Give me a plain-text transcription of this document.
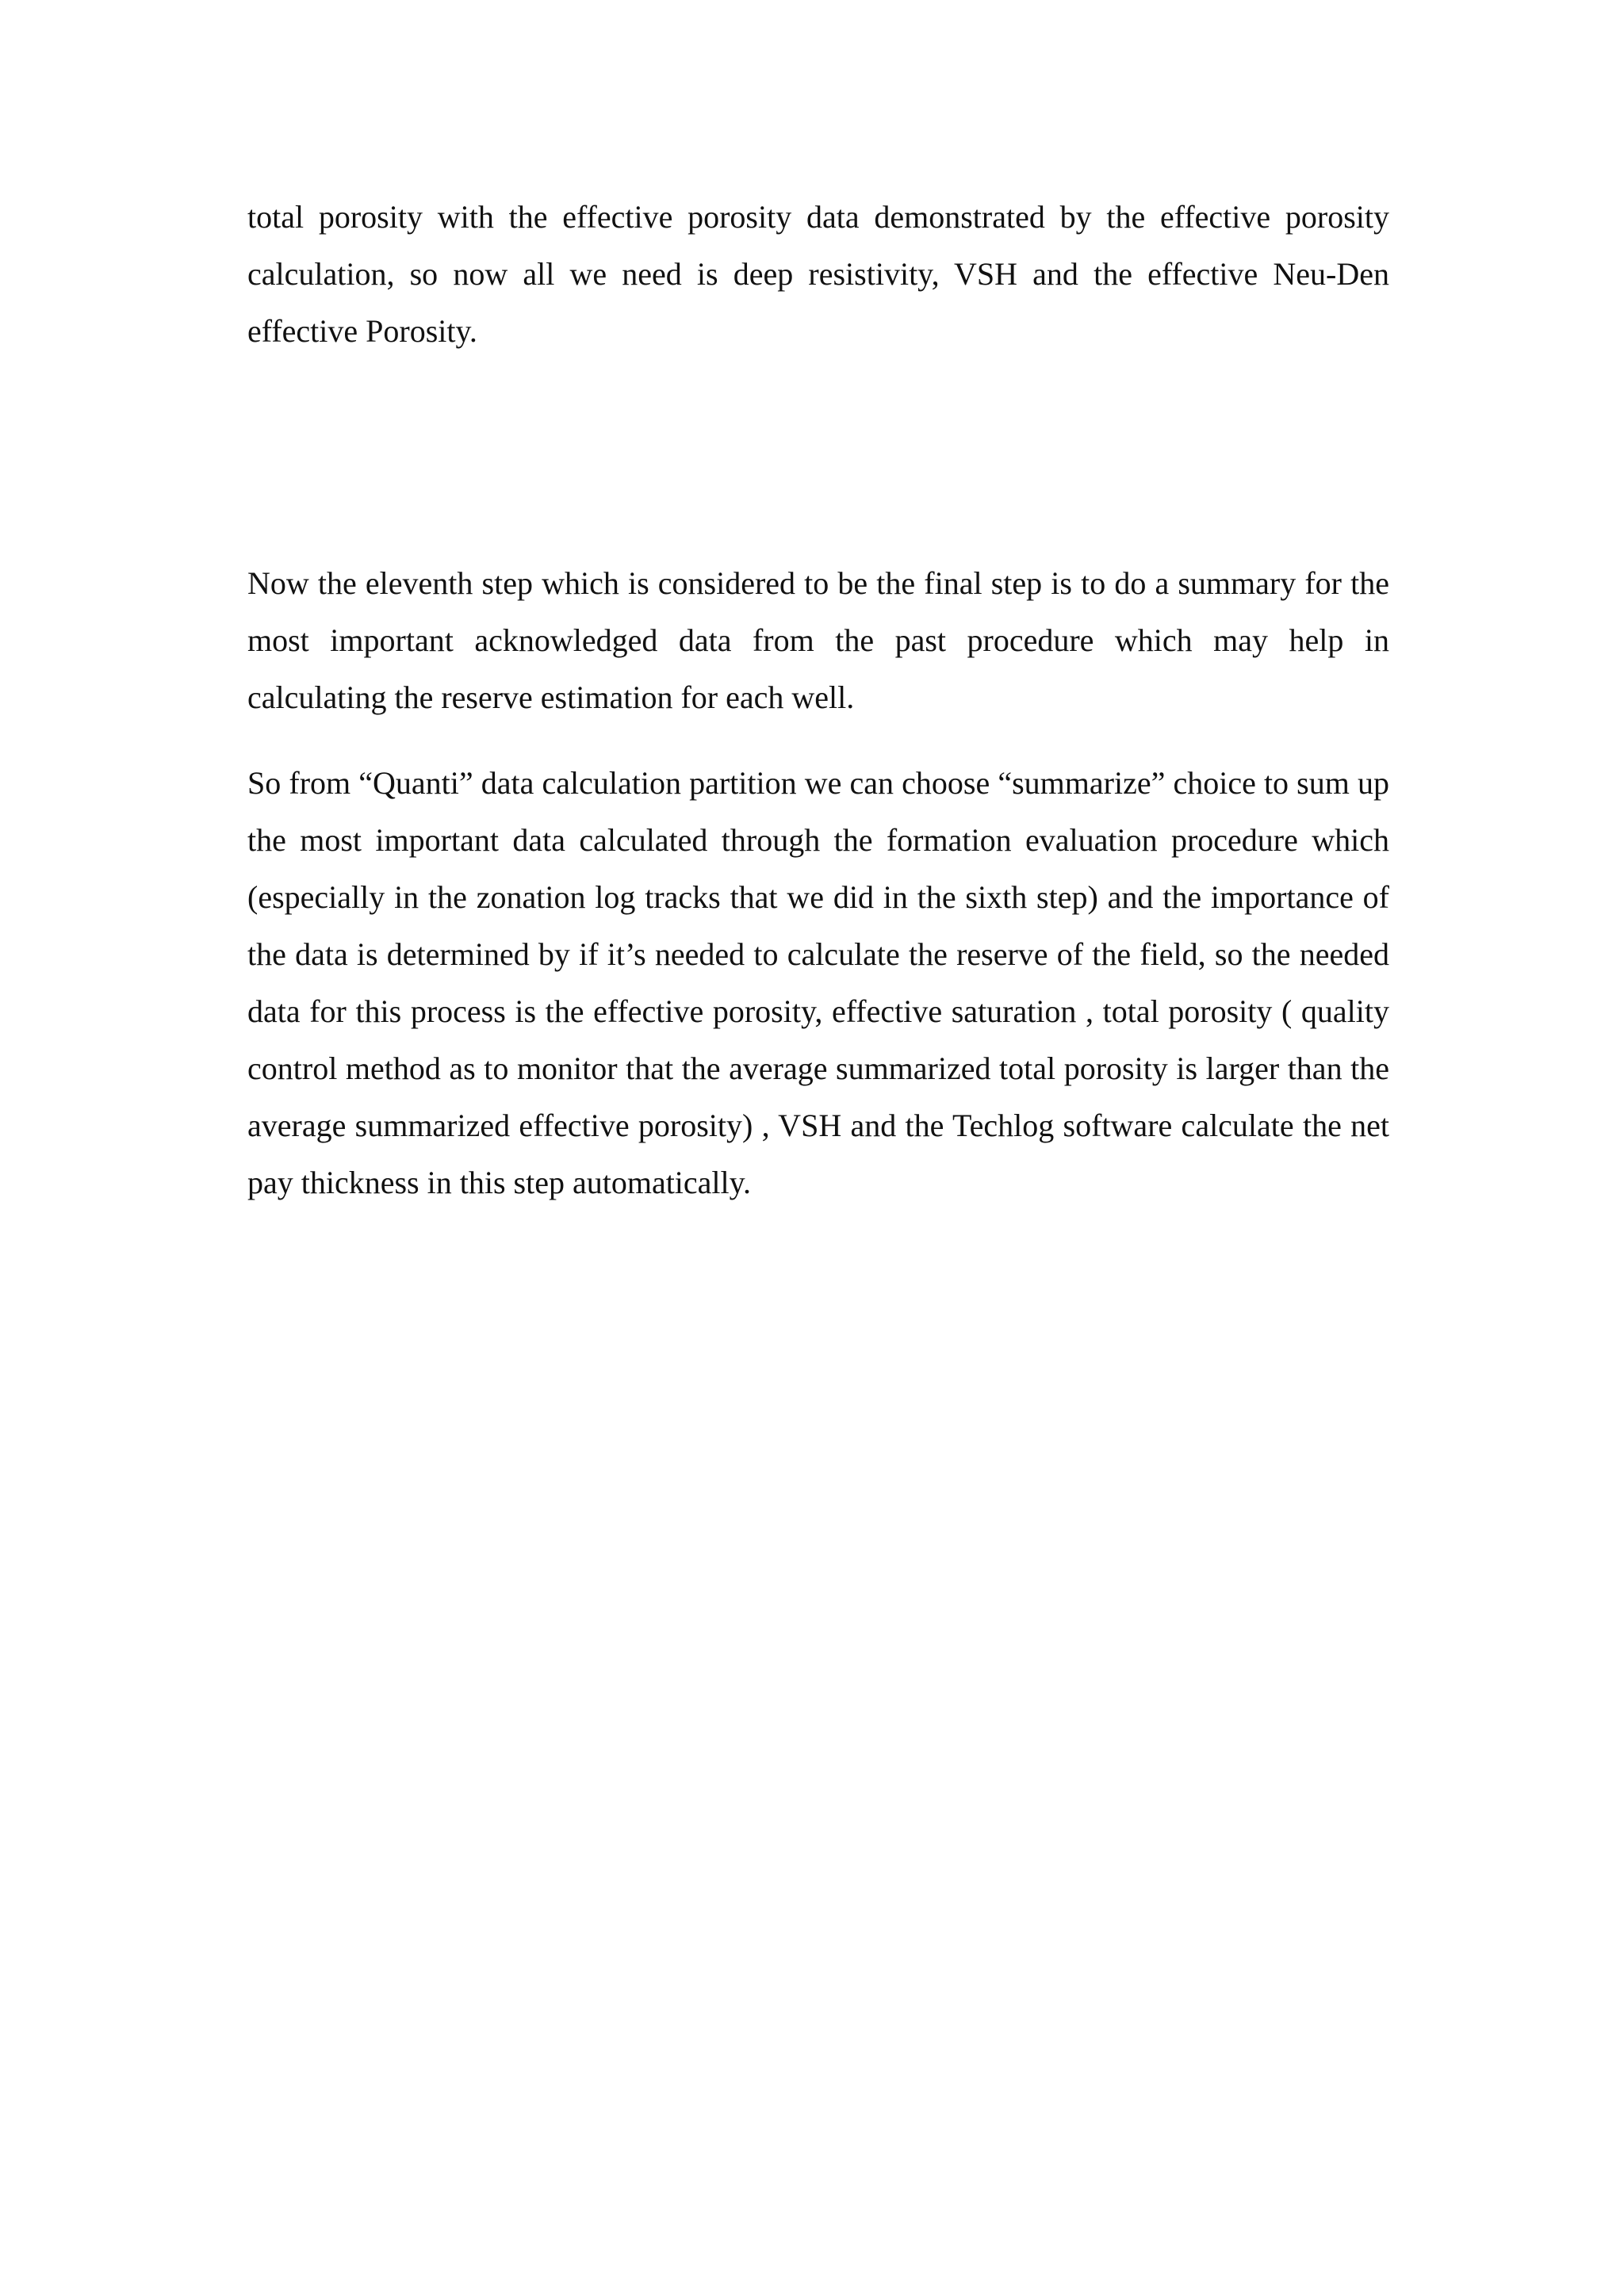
total porosity with the effective porosity data demonstrated by the effective porosity calculation, so now all we need is deep resistivity, VSH and the effective Neu-Den effective Porosity.

Now the eleventh step which is considered to be the final step is to do a summary for the most important acknowledged data from the past procedure which may help in calculating the reserve estimation for each well.

So from “Quanti” data calculation partition we can choose “summarize” choice to sum up the most important data calculated through the formation evaluation procedure which (especially in the zonation log tracks that we did in the sixth step) and the importance of the data is determined by if it’s needed to calculate the reserve of the field, so the needed data for this process is the effective porosity, effective saturation , total porosity ( quality control method as to monitor that the average summarized total porosity is larger than the average summarized effective porosity) , VSH and the Techlog software calculate the net pay thickness in this step automatically.
